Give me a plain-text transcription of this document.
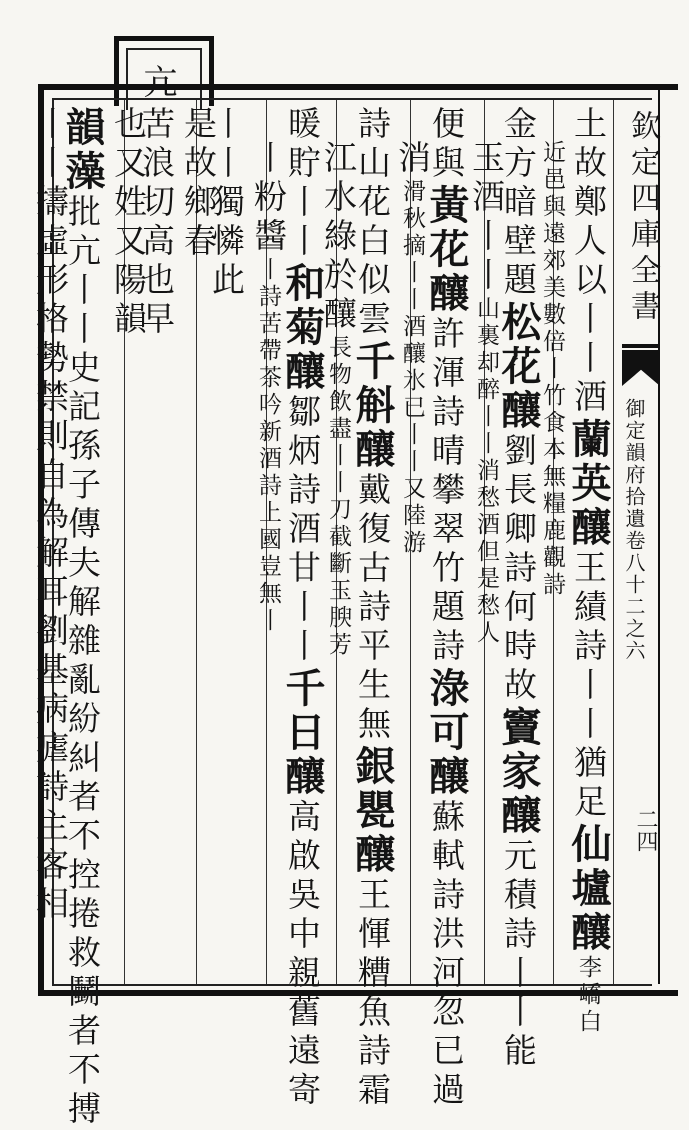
亢
欽定四庫全書
御定韻府拾遺卷八十二之六
二四
土故鄭人以丨丨酒蘭英釀王績詩丨丨猶足仙壚釀李嶠白
近邑與遠郊美數倍丨竹食本無糧鹿觀詩
金方暗壁題松花釀劉長卿詩何時故竇家釀元積詩丨丨能
玉酒丨丨山裏却醉丨丨消愁酒但是愁人
便與黃花釀許渾詩晴攀翠竹題詩淥可釀蘇軾詩洪河忽已過
消滑秋摘丨丨酒釀氷已丨丨又陸游
詩山花白似雲千斛釀戴復古詩平生無銀甖釀王惲糟魚詩霜
江水綠於釀長物飲盡丨丨刀截斷玉腴芳
暖貯丨丨和菊釀鄒炳詩酒甘丨丨千日釀高啟吳中親舊遠寄
丨粉醬丨詩苦帶茶吟新酒詩上國豈無丨
丨丨獨憐此
是故鄉春
苦浪切高也早
也又姓又陽韻
韻藻批亢丨丨史記孫子傳夫解雜亂紛糾者不控捲救鬭者不搏
丨丨擣虛形格勢禁則自為解耳劉基病瘧詩主客相
